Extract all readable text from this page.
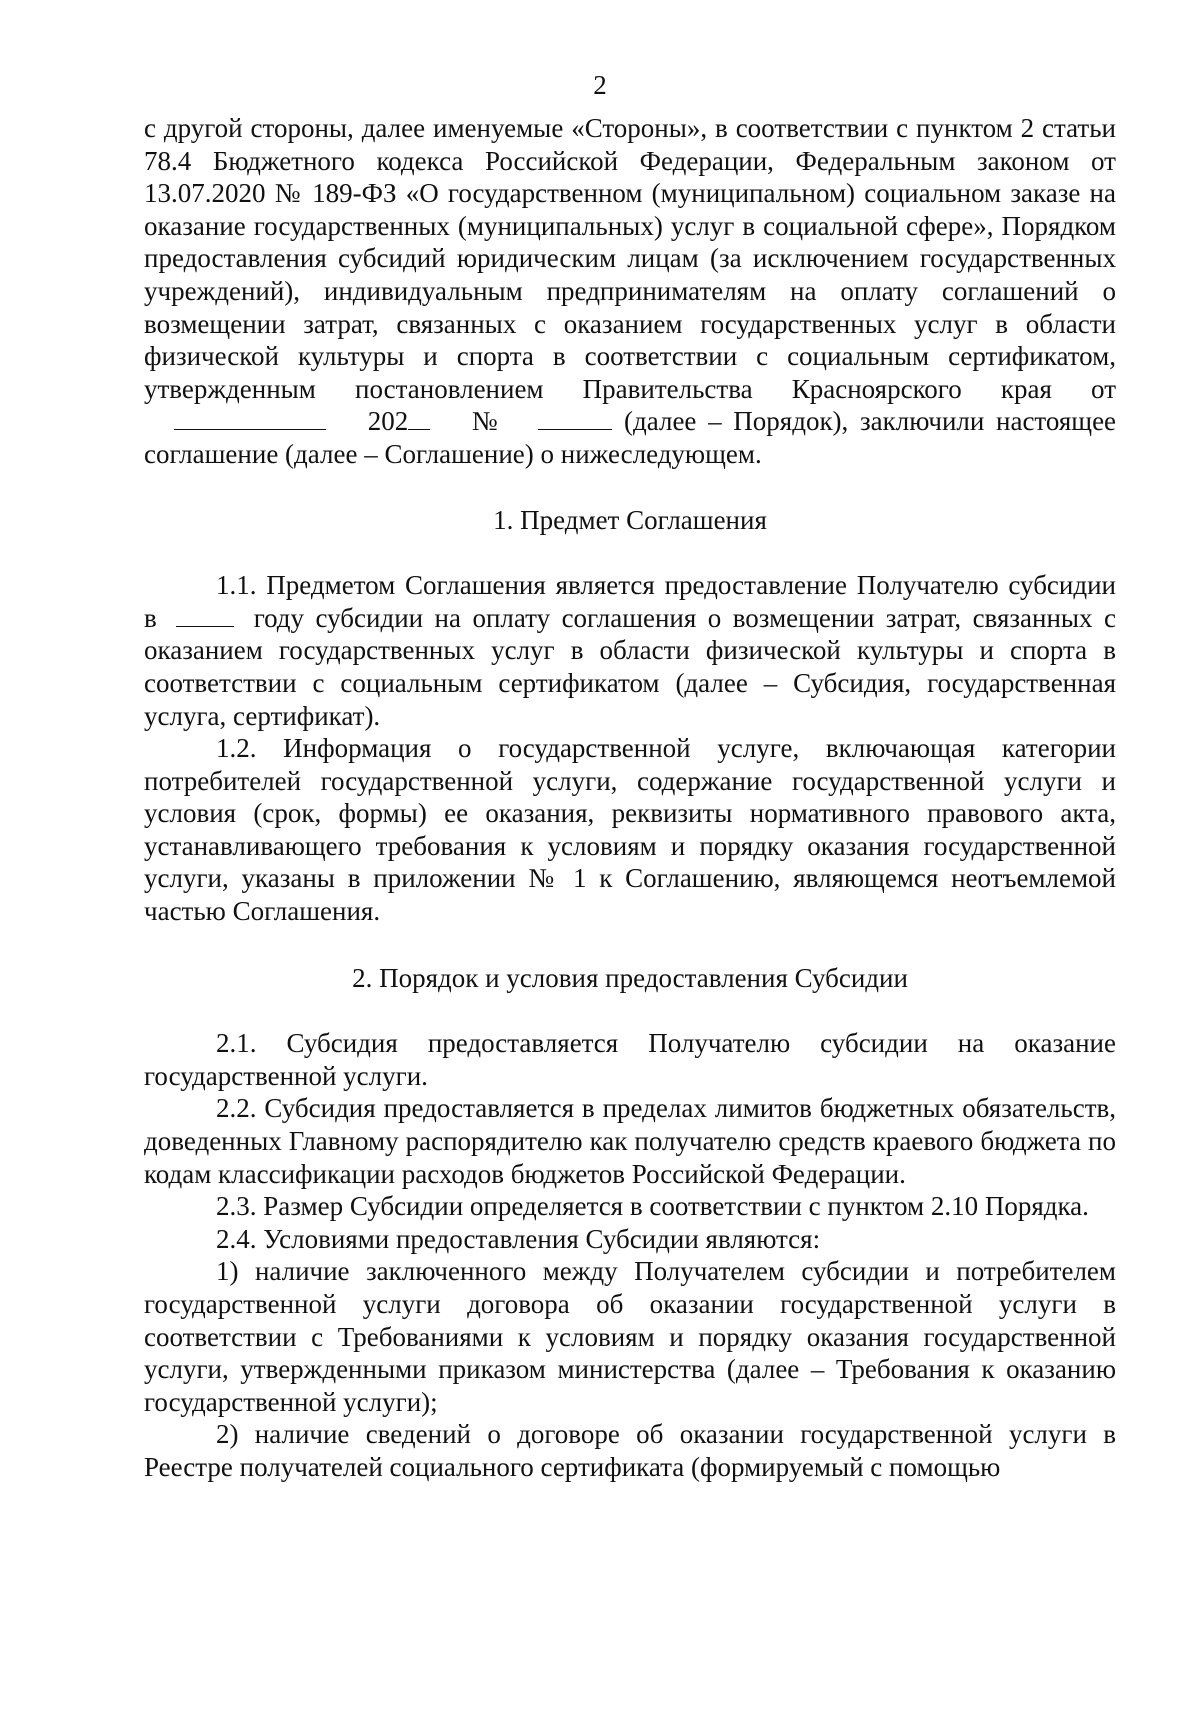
2

с другой стороны, далее именуемые «Стороны», в соответствии с пунктом 2 статьи 78.4 Бюджетного кодекса Российской Федерации, Федеральным законом от 13.07.2020 № 189-ФЗ «О государственном (муниципальном) социальном заказе на оказание государственных (муниципальных) услуг в социальной сфере», Порядком предоставления субсидий юридическим лицам (за исключением государственных учреждений), индивидуальным предпринимателям на оплату соглашений о возмещении затрат, связанных с оказанием государственных услуг в области физической культуры и спорта в соответствии с социальным сертификатом, утвержденным постановлением Правительства Красноярского края от  202 №	(далее – Порядок), заключили настоящее соглашение (далее – Соглашение) о нижеследующем.

1. Предмет Соглашения

1.1. Предметом Соглашения является предоставление Получателю субсидии в	году субсидии на оплату соглашения о возмещении затрат, связанных с оказанием государственных услуг в области физической культуры и спорта в соответствии с социальным сертификатом (далее – Субсидия, государственная услуга, сертификат).

1.2. Информация о государственной услуге, включающая категории потребителей государственной услуги, содержание государственной услуги и условия (срок, формы) ее оказания, реквизиты нормативного правового акта, устанавливающего требования к условиям и порядку оказания государственной услуги, указаны в приложении № 1 к Соглашению, являющемся неотъемлемой частью Соглашения.

2. Порядок и условия предоставления Субсидии

2.1. Субсидия предоставляется Получателю субсидии на оказание государственной услуги.

2.2. Субсидия предоставляется в пределах лимитов бюджетных обязательств, доведенных Главному распорядителю как получателю средств краевого бюджета по кодам классификации расходов бюджетов Российской Федерации.

2.3. Размер Субсидии определяется в соответствии с пунктом 2.10 Порядка.

2.4. Условиями предоставления Субсидии являются:

1) наличие заключенного между Получателем субсидии и потребителем государственной услуги договора об оказании государственной услуги в соответствии с Требованиями к условиям и порядку оказания государственной услуги, утвержденными приказом министерства (далее – Требования к оказанию государственной услуги);

2) наличие сведений о договоре об оказании государственной услуги в Реестре получателей социального сертификата (формируемый с помощью
